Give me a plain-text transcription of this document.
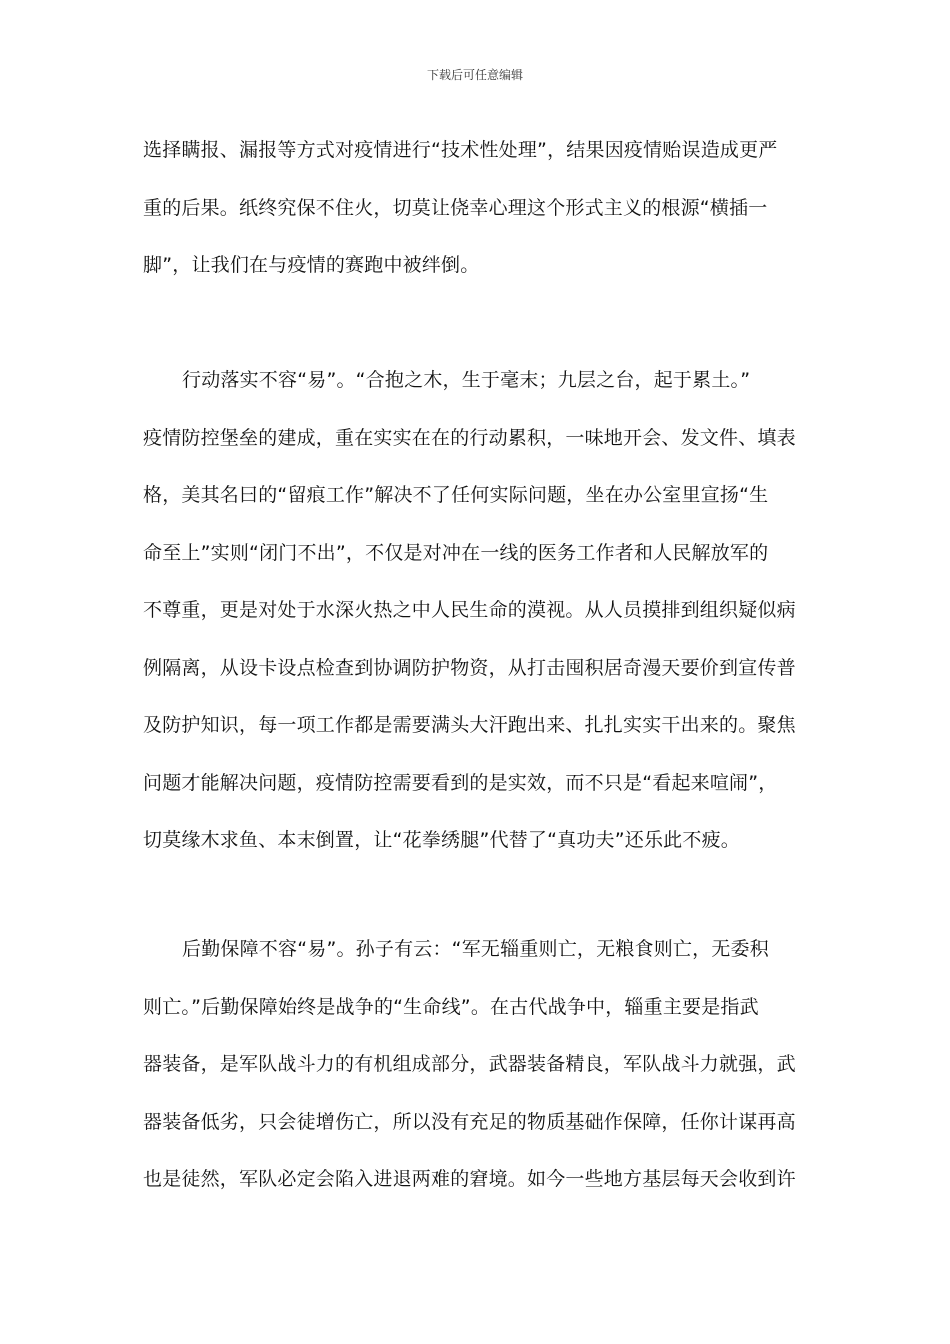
下载后可任意编辑
选择瞒报、漏报等方式对疫情进行“技术性处理”，结果因疫情贻误造成更严
重的后果。纸终究保不住火，切莫让侥幸心理这个形式主义的根源“横插一
脚”，让我们在与疫情的赛跑中被绊倒。
行动落实不容“易”。“合抱之木，生于毫末；九层之台，起于累土。”
疫情防控堡垒的建成，重在实实在在的行动累积，一味地开会、发文件、填表
格，美其名曰的“留痕工作”解决不了任何实际问题，坐在办公室里宣扬“生
命至上”实则“闭门不出”，不仅是对冲在一线的医务工作者和人民解放军的
不尊重，更是对处于水深火热之中人民生命的漠视。从人员摸排到组织疑似病
例隔离，从设卡设点检查到协调防护物资，从打击囤积居奇漫天要价到宣传普
及防护知识，每一项工作都是需要满头大汗跑出来、扎扎实实干出来的。聚焦
问题才能解决问题，疫情防控需要看到的是实效，而不只是“看起来喧闹”，
切莫缘木求鱼、本末倒置，让“花拳绣腿”代替了“真功夫”还乐此不疲。
后勤保障不容“易”。孙子有云：“军无辎重则亡，无粮食则亡，无委积
则亡。”后勤保障始终是战争的“生命线”。在古代战争中，辎重主要是指武
器装备，是军队战斗力的有机组成部分，武器装备精良，军队战斗力就强，武
器装备低劣，只会徒增伤亡，所以没有充足的物质基础作保障，任你计谋再高
也是徒然，军队必定会陷入进退两难的窘境。如今一些地方基层每天会收到许
